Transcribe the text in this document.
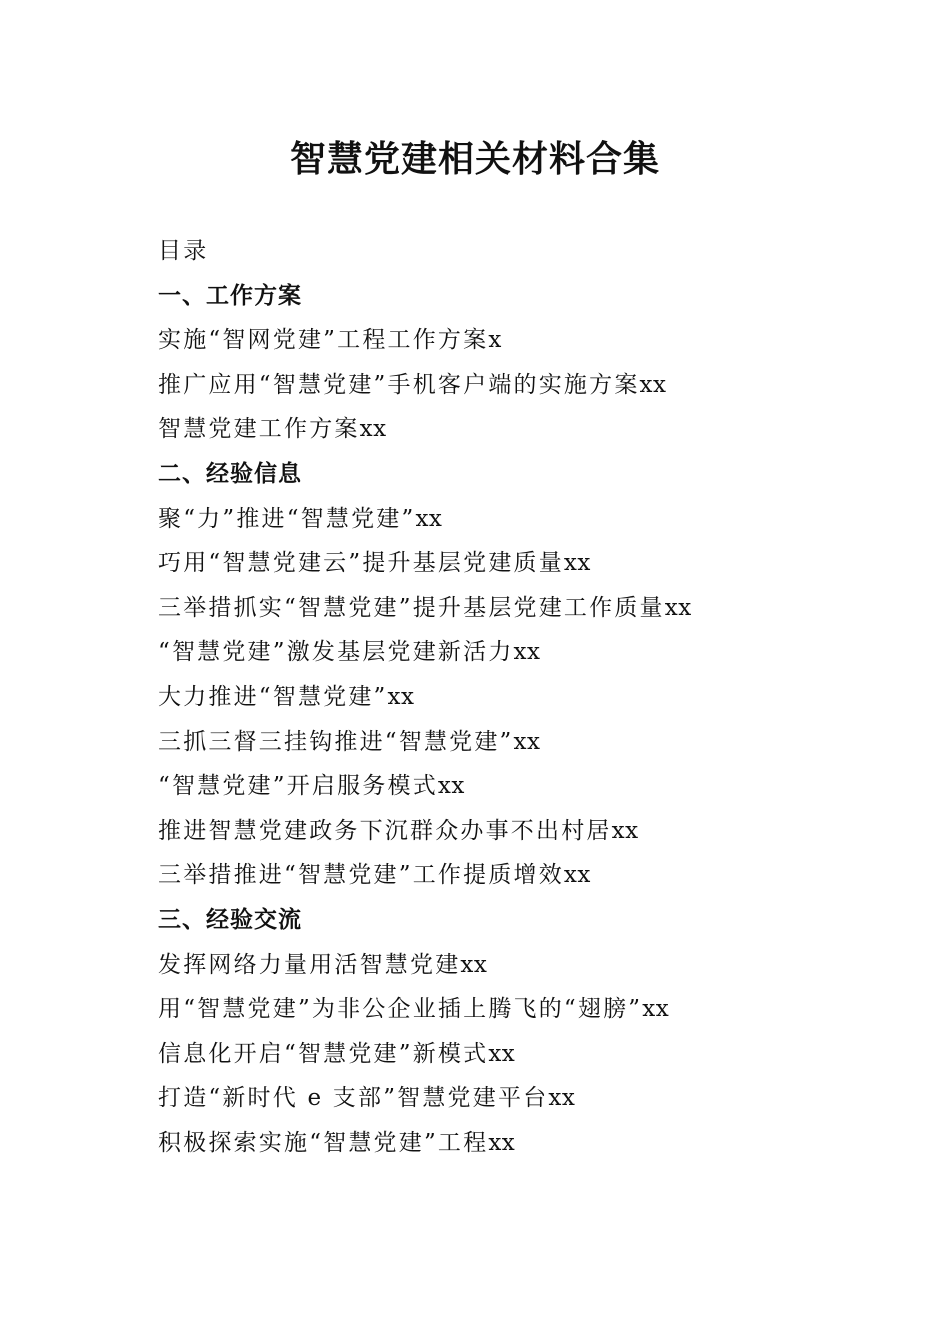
智慧党建相关材料合集
目录
一、工作方案
实施“智网党建”工程工作方案x
推广应用“智慧党建”手机客户端的实施方案xx
智慧党建工作方案xx
二、经验信息
聚“力”推进“智慧党建”xx
巧用“智慧党建云”提升基层党建质量xx
三举措抓实“智慧党建”提升基层党建工作质量xx
“智慧党建”激发基层党建新活力xx
大力推进“智慧党建”xx
三抓三督三挂钩推进“智慧党建”xx
“智慧党建”开启服务模式xx
推进智慧党建政务下沉群众办事不出村居xx
三举措推进“智慧党建”工作提质增效xx
三、经验交流
发挥网络力量用活智慧党建xx
用“智慧党建”为非公企业插上腾飞的“翅膀”xx
信息化开启“智慧党建”新模式xx
打造“新时代 e 支部”智慧党建平台xx
积极探索实施“智慧党建”工程xx
